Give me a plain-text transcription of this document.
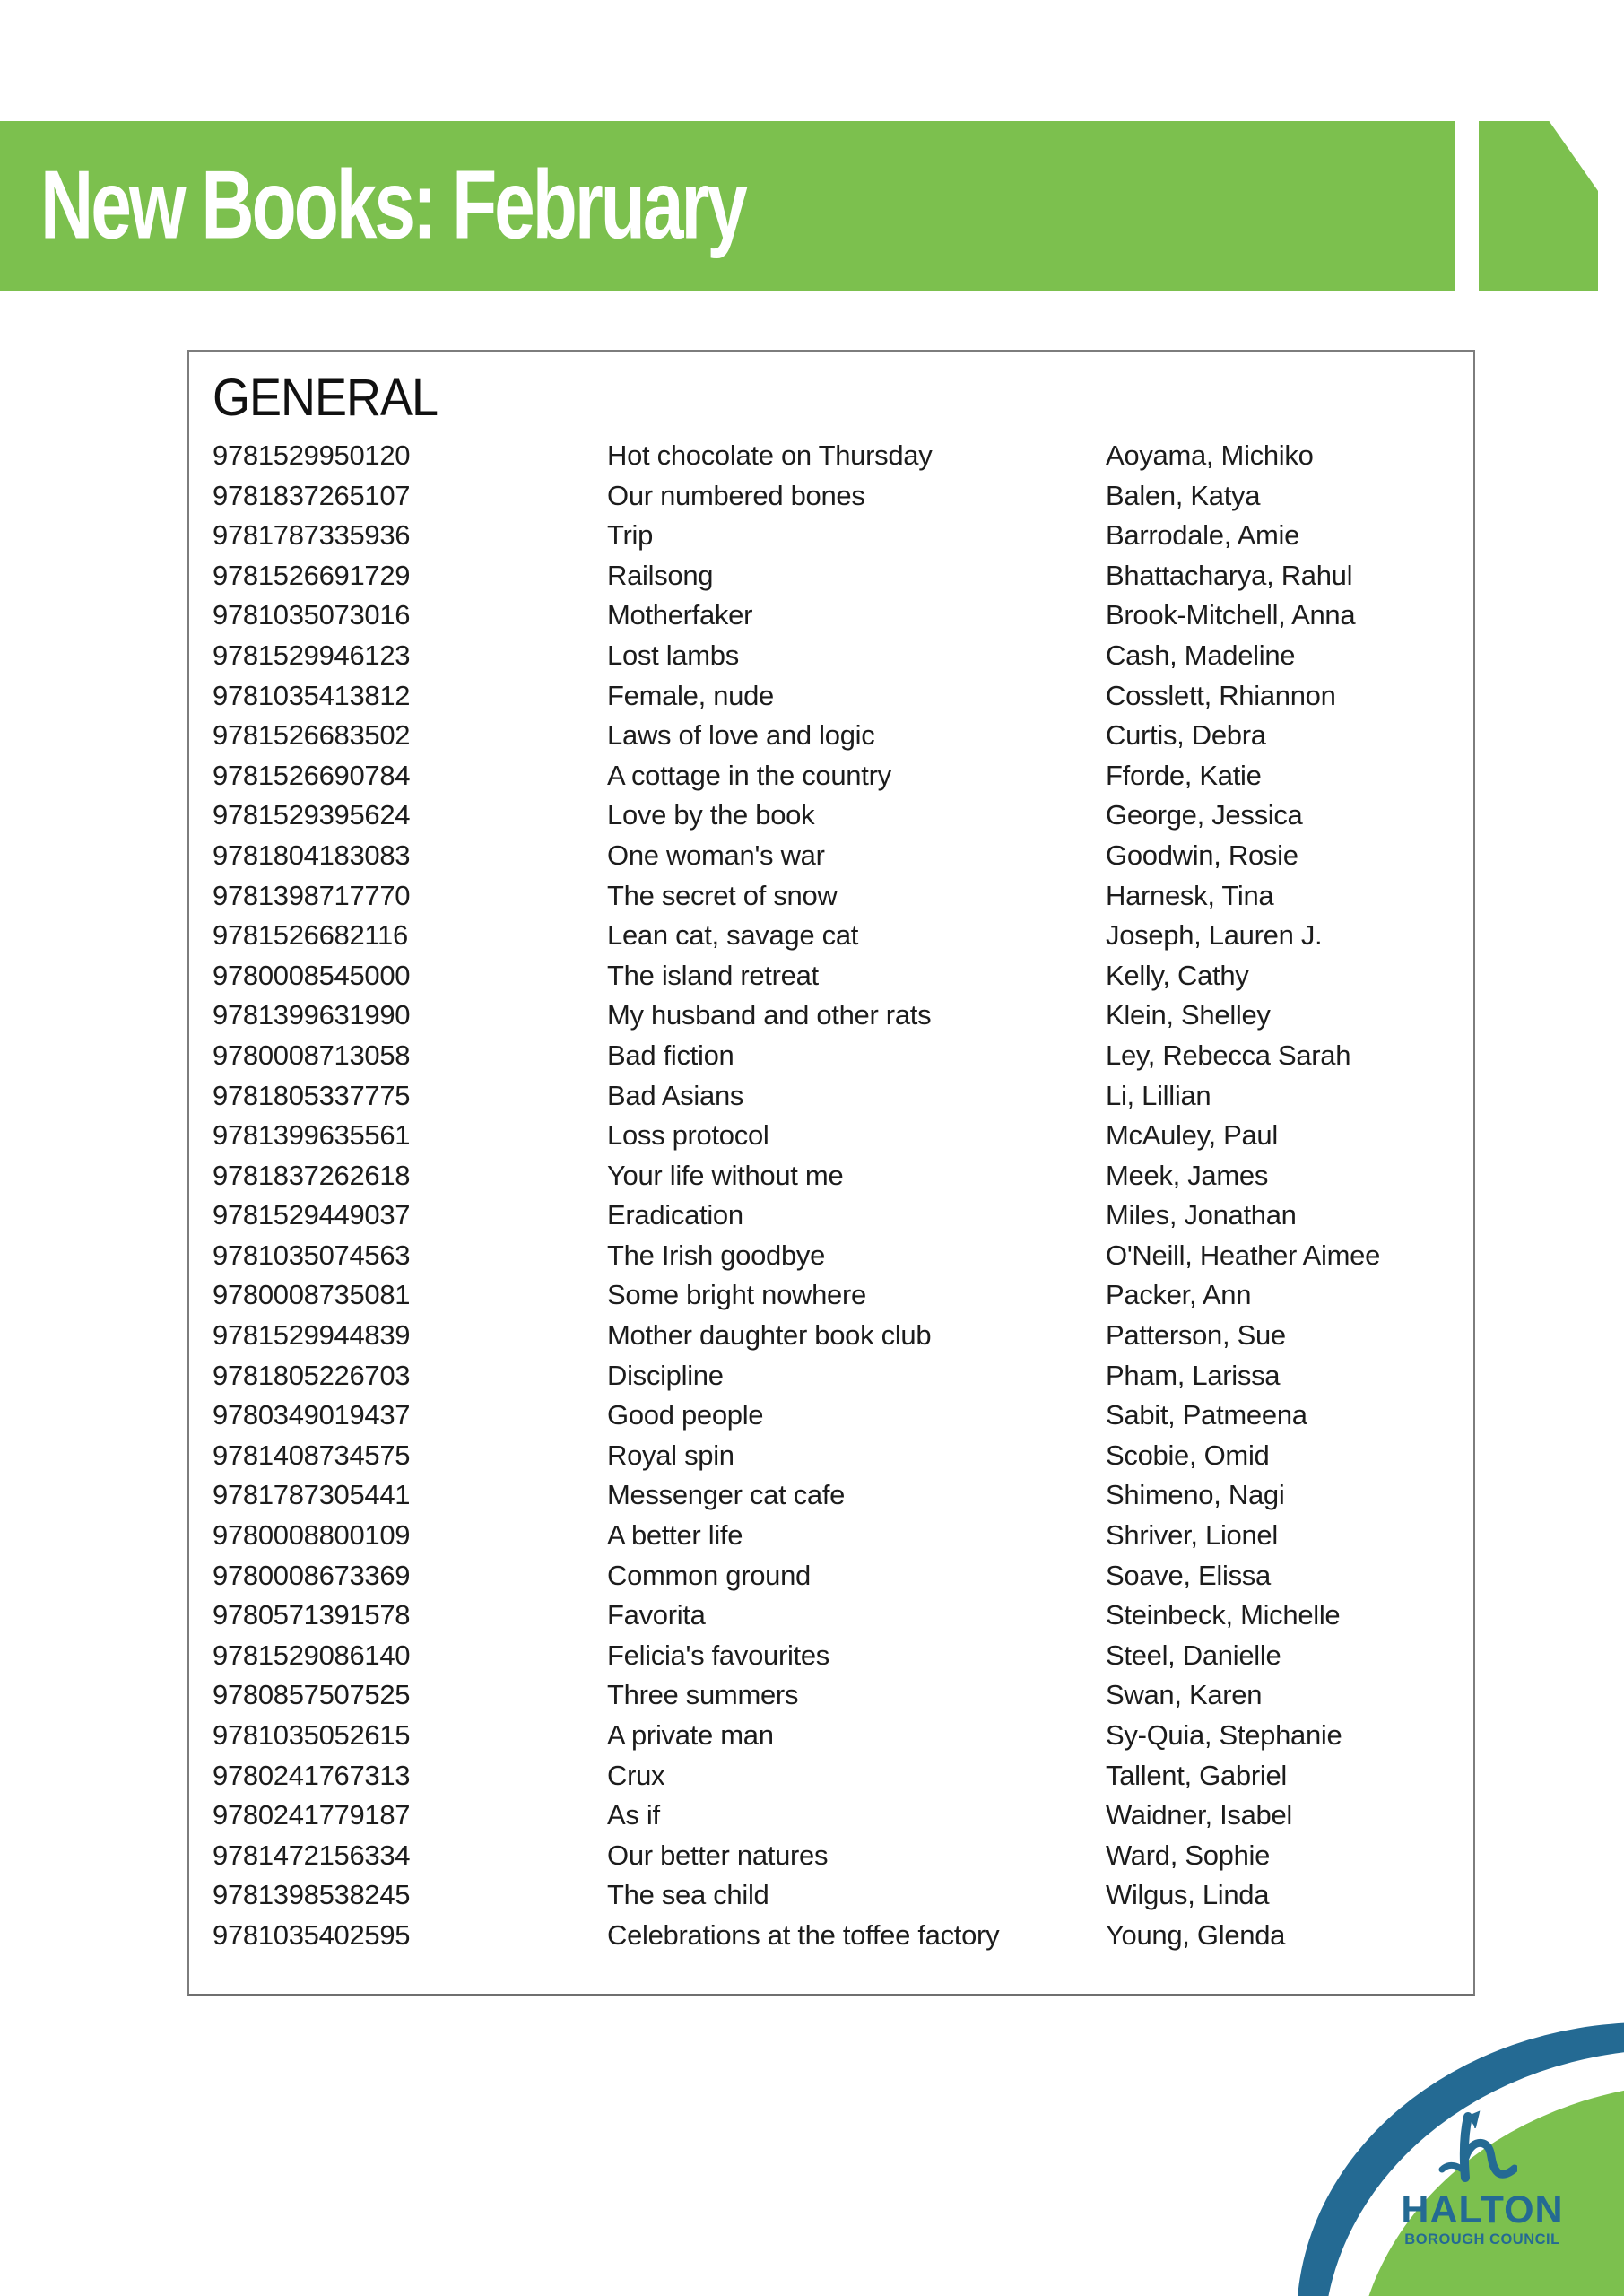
New Books: February
GENERAL
9781529950120	Hot chocolate on Thursday	Aoyama, Michiko
9781837265107	Our numbered bones	Balen, Katya
9781787335936	Trip	Barrodale, Amie
9781526691729	Railsong	Bhattacharya, Rahul
9781035073016	Motherfaker	Brook-Mitchell, Anna
9781529946123	Lost lambs	Cash, Madeline
9781035413812	Female, nude	Cosslett, Rhiannon
9781526683502	Laws of love and logic	Curtis, Debra
9781526690784	A cottage in the country	Fforde, Katie
9781529395624	Love by the book	George, Jessica
9781804183083	One woman's war	Goodwin, Rosie
9781398717770	The secret of snow	Harnesk, Tina
9781526682116	Lean cat, savage cat	Joseph, Lauren J.
9780008545000	The island retreat	Kelly, Cathy
9781399631990	My husband and other rats	Klein, Shelley
9780008713058	Bad fiction	Ley, Rebecca Sarah
9781805337775	Bad Asians	Li, Lillian
9781399635561	Loss protocol	McAuley, Paul
9781837262618	Your life without me	Meek, James
9781529449037	Eradication	Miles, Jonathan
9781035074563	The Irish goodbye	O'Neill, Heather Aimee
9780008735081	Some bright nowhere	Packer, Ann
9781529944839	Mother daughter book club	Patterson, Sue
9781805226703	Discipline	Pham, Larissa
9780349019437	Good people	Sabit, Patmeena
9781408734575	Royal spin	Scobie, Omid
9781787305441	Messenger cat cafe	Shimeno, Nagi
9780008800109	A better life	Shriver, Lionel
9780008673369	Common ground	Soave, Elissa
9780571391578	Favorita	Steinbeck, Michelle
9781529086140	Felicia's favourites	Steel, Danielle
9780857507525	Three summers	Swan, Karen
9781035052615	A private man	Sy-Quia, Stephanie
9780241767313	Crux	Tallent, Gabriel
9780241779187	As if	Waidner, Isabel
9781472156334	Our better natures	Ward, Sophie
9781398538245	The sea child	Wilgus, Linda
9781035402595	Celebrations at the toffee factory	Young, Glenda
HALTON
BOROUGH COUNCIL
